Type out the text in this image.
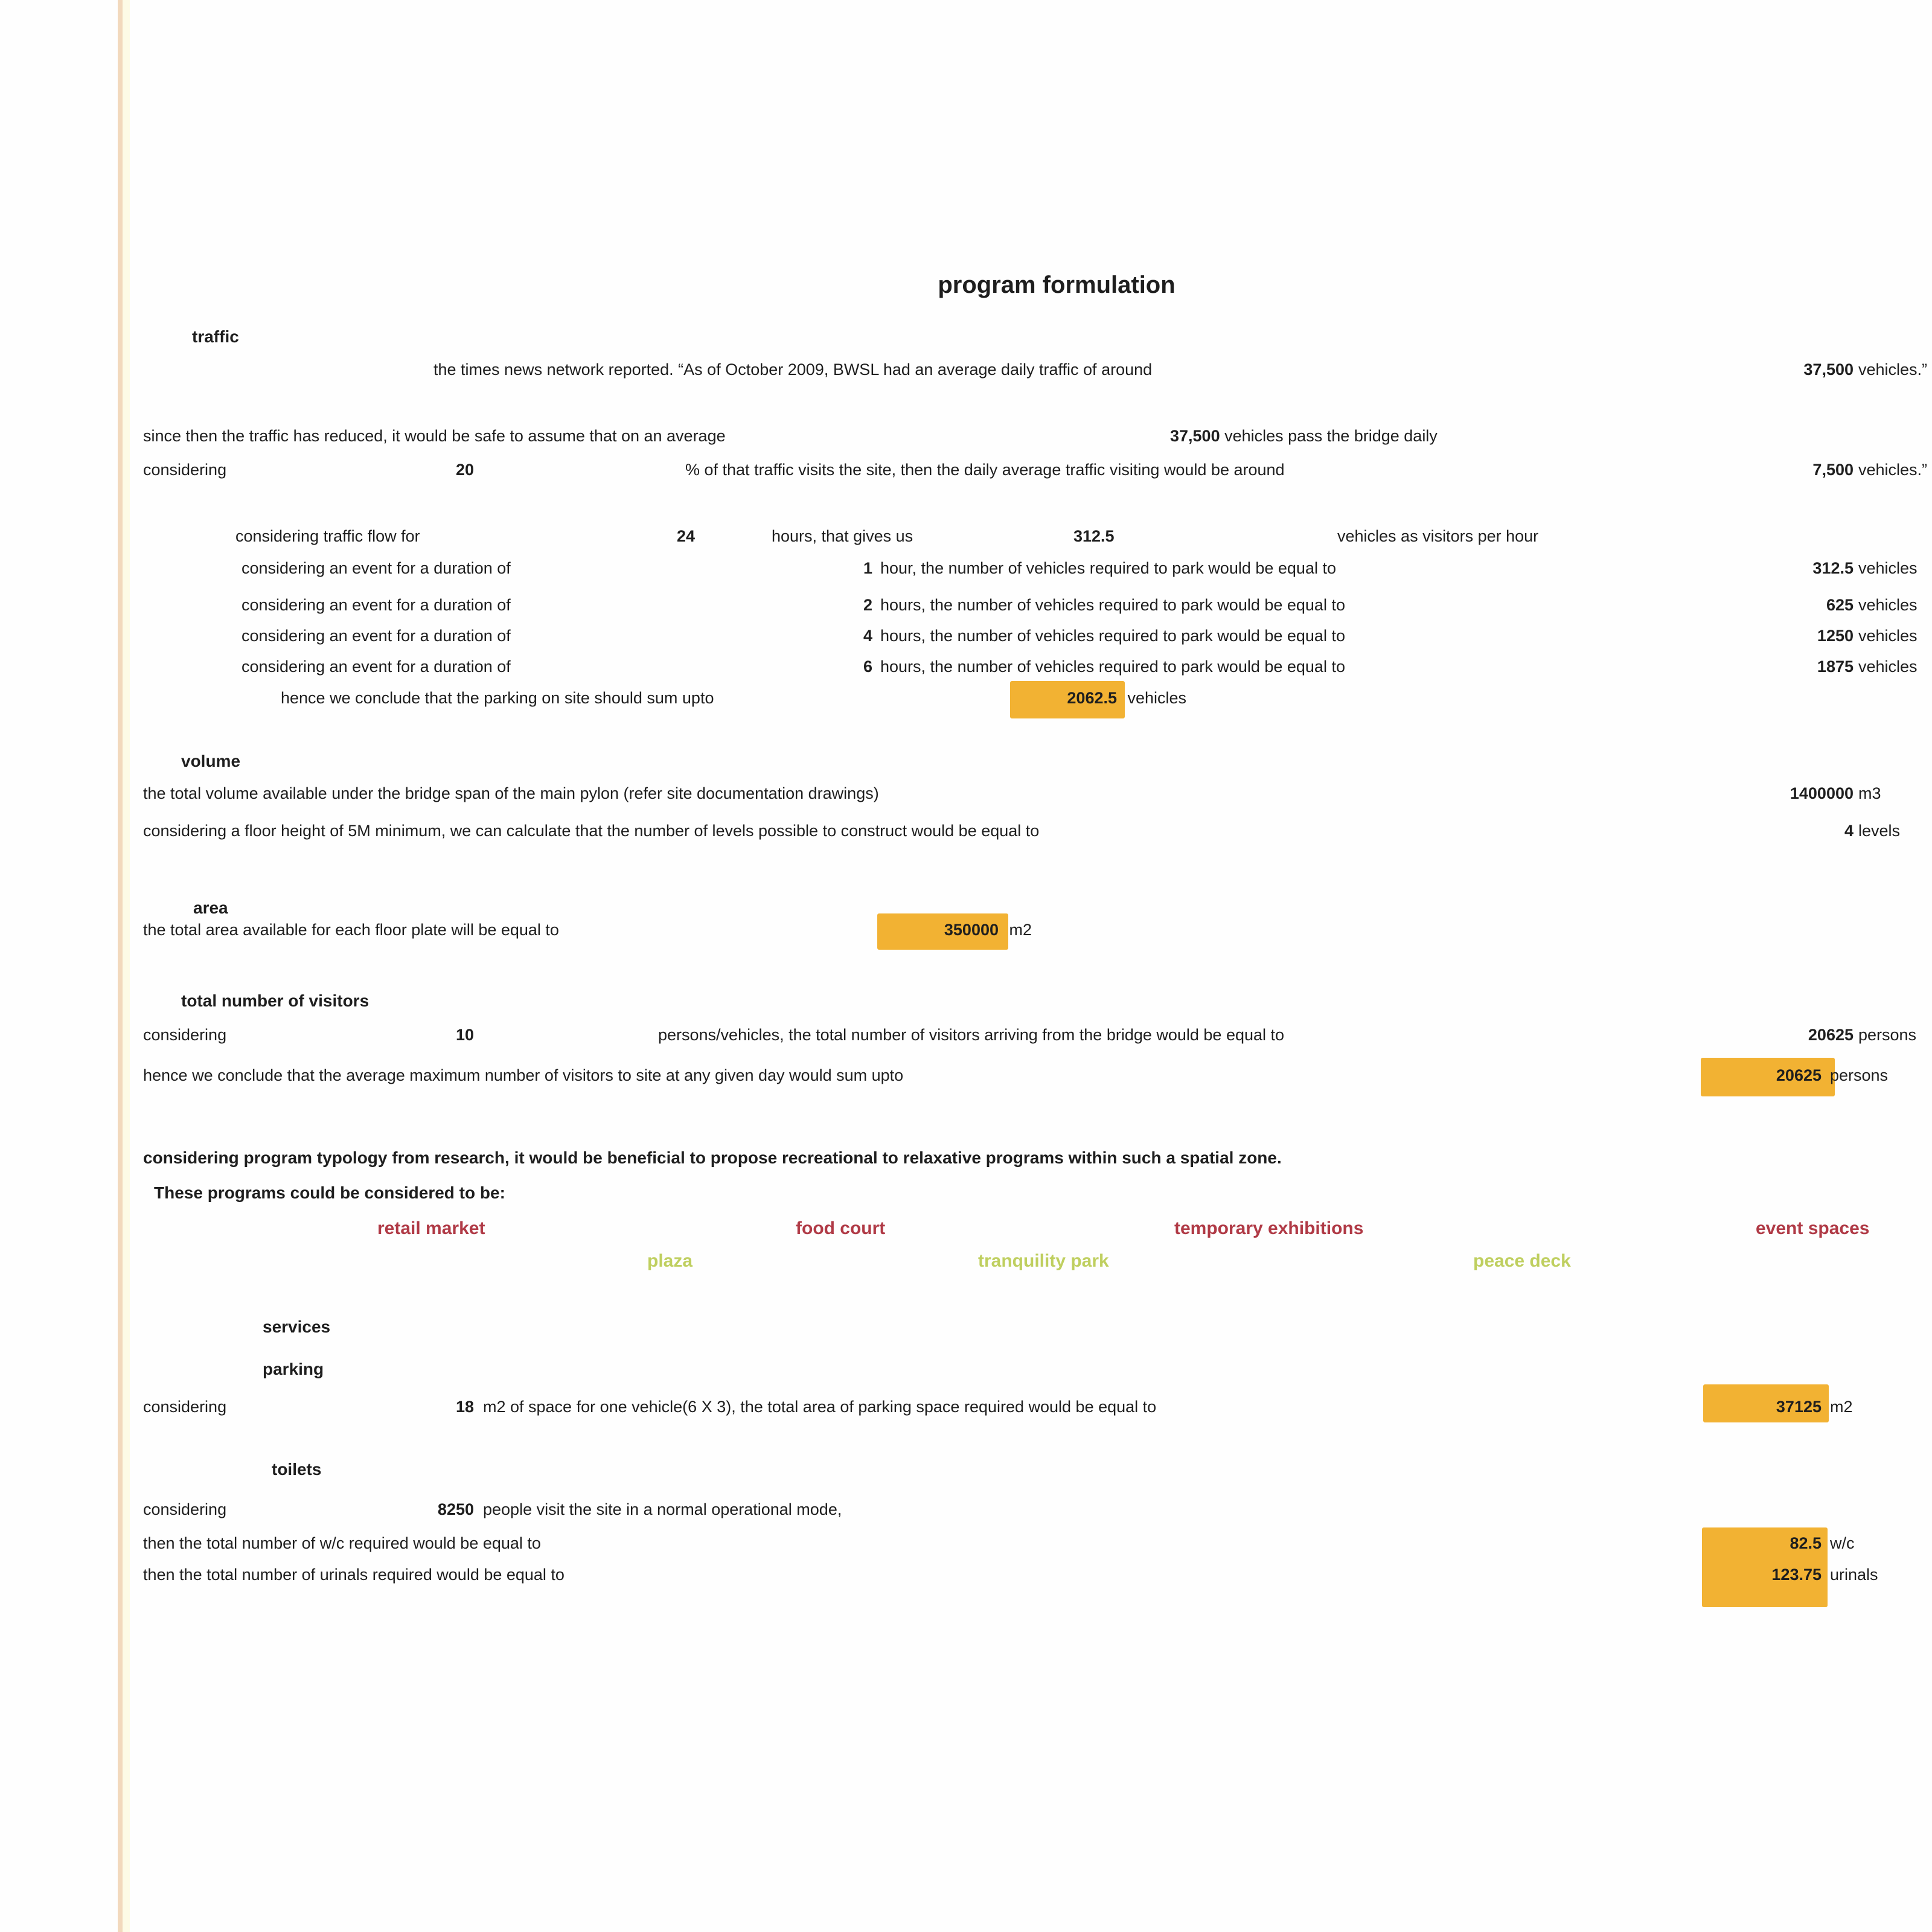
program formulation
traffic
the times news network reported. “As of October 2009, BWSL had an average daily traffic of around	37,500 vehicles.”
since then the traffic has reduced, it would be safe to assume that on an average	37,500 vehicles pass the bridge daily
considering	20	% of that traffic visits the site, then the daily average traffic visiting would be around	7,500 vehicles.”
considering traffic flow for	24	hours, that gives us	312.5	vehicles as visitors per hour
considering an event for a duration of	1 hour, the number of vehicles required to park would be equal to	312.5 vehicles
considering an event for a duration of	2 hours, the number of vehicles required to park would be equal to	625 vehicles
considering an event for a duration of	4 hours, the number of vehicles required to park would be equal to	1250 vehicles
considering an event for a duration of	6 hours, the number of vehicles required to park would be equal to	1875 vehicles
hence we conclude that the parking on site should sum upto	2062.5 vehicles
volume
the total volume available under the bridge span of the main pylon (refer site documentation drawings)	1400000 m3
considering a floor height of 5M minimum, we can calculate that the number of levels possible to construct would be equal to	4 levels
area
the total area available for each floor plate will be equal to	350000 m2
total number of visitors
considering	10	persons/vehicles, the total number of visitors arriving from the bridge would be equal to	20625 persons
hence we conclude that the average maximum number of visitors to site at any given day would sum upto	20625 persons
considering program typology from research, it would be beneficial to propose recreational to relaxative programs within such a spatial zone.
These programs could be considered to be:
retail market	food court	temporary exhibitions	event spaces
plaza	tranquility park	peace deck
services
parking
considering	18 m2 of space for one vehicle(6 X 3), the total area of parking space required would be equal to	37125 m2
toilets
considering	8250 people visit the site in a normal operational mode,
then the total number of w/c required would be equal to	82.5 w/c
then the total number of urinals required would be equal to	123.75 urinals
